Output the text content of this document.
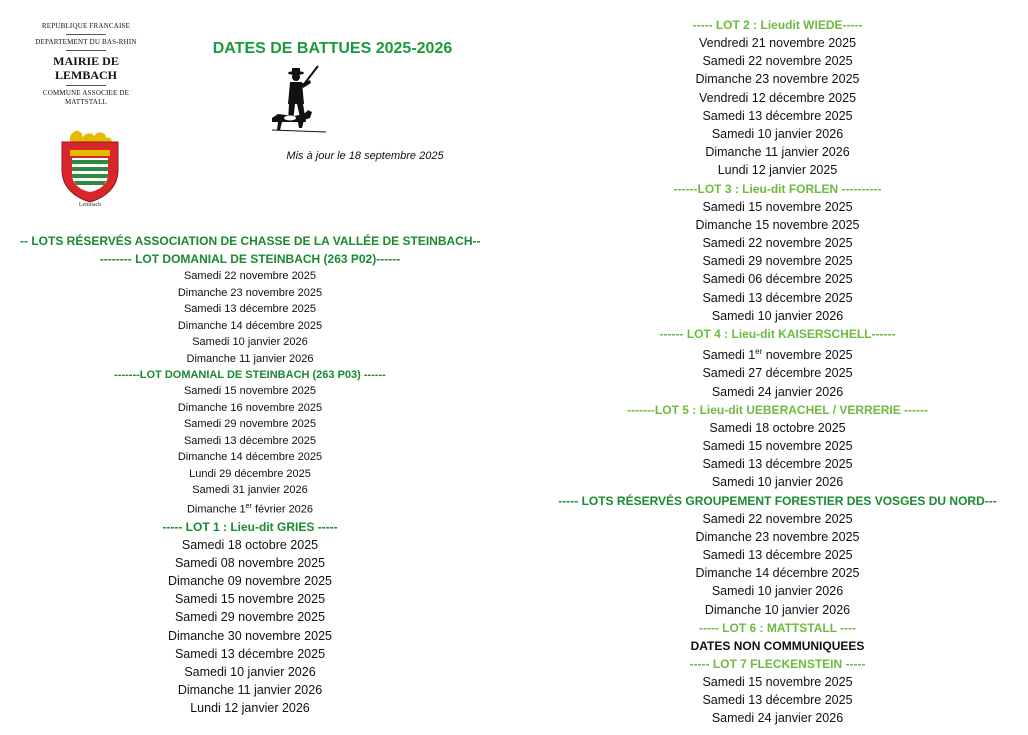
REPUBLIQUE FRANCAISE
DEPARTEMENT DU BAS-RHIN
MAIRIE DE
LEMBACH
COMMUNE ASSOCIEE DE
MATTSTALL
Lembach
DATES DE BATTUES 2025-2026
Mis à jour le 18 septembre 2025
-- LOTS RÉSERVÉS ASSOCIATION DE CHASSE DE LA VALLÉE DE STEINBACH--
-------- LOT DOMANIAL DE STEINBACH (263 P02)------
Samedi 22 novembre 2025
Dimanche 23 novembre 2025
Samedi 13 décembre 2025
Dimanche 14 décembre 2025
Samedi 10 janvier 2026
Dimanche 11 janvier 2026
-------LOT DOMANIAL DE STEINBACH (263 P03) ------
Samedi 15 novembre 2025
Dimanche 16 novembre 2025
Samedi 29 novembre 2025
Samedi 13 décembre 2025
Dimanche 14 décembre 2025
Lundi 29 décembre 2025
Samedi 31 janvier 2026
Dimanche 1er février 2026
----- LOT 1 : Lieu-dit GRIES -----
Samedi 18 octobre 2025
Samedi 08 novembre 2025
Dimanche 09 novembre 2025
Samedi 15 novembre 2025
Samedi 29 novembre 2025
Dimanche 30 novembre 2025
Samedi 13 décembre 2025
Samedi 10 janvier 2026
Dimanche 11 janvier 2026
Lundi 12 janvier 2026
----- LOT 2 : Lieudit WIEDE-----
Vendredi 21 novembre 2025
Samedi 22 novembre 2025
Dimanche 23 novembre 2025
Vendredi 12 décembre 2025
Samedi 13 décembre 2025
Samedi 10 janvier 2026
Dimanche 11 janvier 2026
Lundi 12 janvier 2025
------LOT 3 : Lieu-dit FORLEN ----------
Samedi 15 novembre 2025
Dimanche 15 novembre 2025
Samedi 22 novembre 2025
Samedi 29 novembre 2025
Samedi 06 décembre 2025
Samedi 13 décembre 2025
Samedi 10 janvier 2026
------ LOT 4 : Lieu-dit KAISERSCHELL------
Samedi 1er novembre 2025
Samedi 27 décembre 2025
Samedi 24 janvier 2026
-------LOT 5 : Lieu-dit UEBERACHEL / VERRERIE ------
Samedi 18 octobre 2025
Samedi 15 novembre 2025
Samedi 13 décembre 2025
Samedi 10 janvier 2026
----- LOTS RÉSERVÉS GROUPEMENT FORESTIER DES VOSGES DU NORD---
Samedi 22 novembre 2025
Dimanche 23 novembre 2025
Samedi 13 décembre 2025
Dimanche 14 décembre 2025
Samedi 10 janvier 2026
Dimanche 10 janvier 2026
----- LOT 6 : MATTSTALL ----
DATES NON COMMUNIQUEES
----- LOT 7 FLECKENSTEIN -----
Samedi 15 novembre 2025
Samedi 13 décembre 2025
Samedi 24 janvier 2026
